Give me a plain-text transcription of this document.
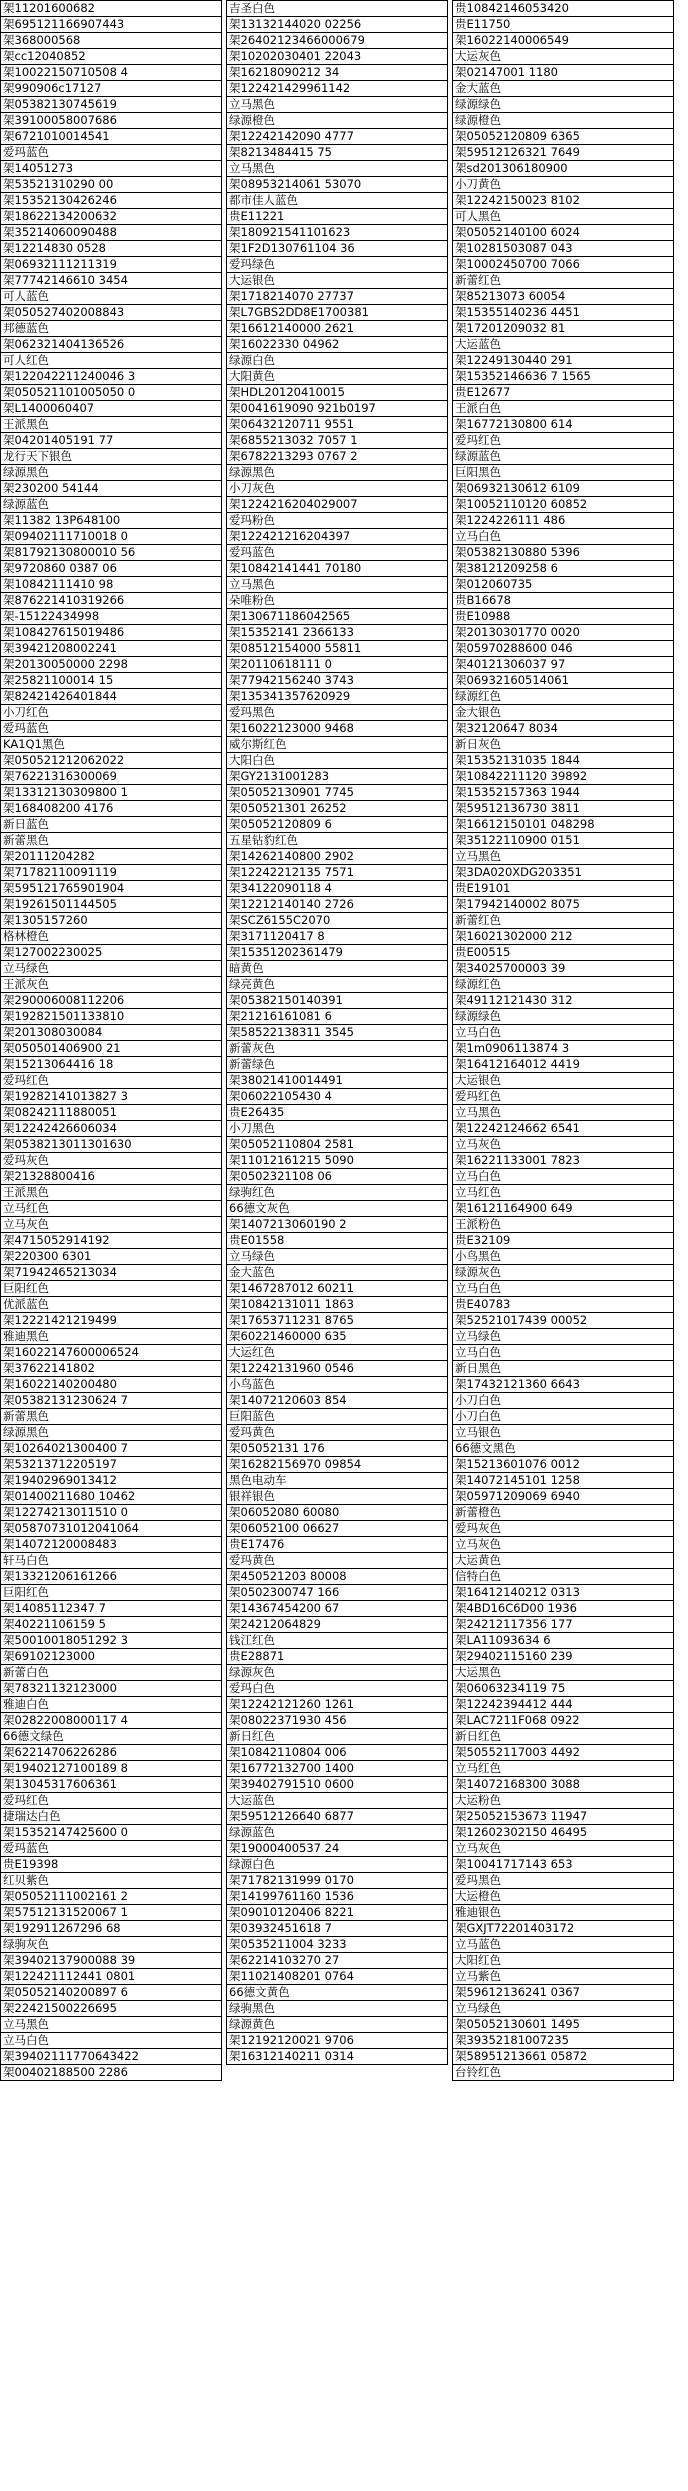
架11201600682
架695121166907443
架368000568
架cc12040852
架10022150710508 4
架990906c17127
架05382130745619
架39100058007686
架6721010014541
爱玛蓝色
架14051273
架53521310290 00
架15352130426246
架18622134200632
架35214060090488
架12214830 0528
架06932111211319
架77742146610 3454
可人蓝色
架050527402008843
邦德蓝色
架062321404136526
可人红色
架122042211240046 3
架050521101005050 0
架L1400060407
王派黑色
架04201405191 77
龙行天下银色
绿源黑色
架230200 54144
绿源蓝色
架11382 13P648100
架09402111710018 0
架81792130800010 56
架9720860 0387 06
架10842111410 98
架876221410319266
架-15122434998
架108427615019486
架39421208002241
架20130050000 2298
架25821100014 15
架82421426401844
小刀红色
爱玛蓝色
KA1Q1黑色
架050521212062022
架76221316300069
架13312130309800 1
架168408200 4176
新日蓝色
新蕾黑色
架20111204282
架71782110091119
架595121765901904
架19261501144505
架1305157260
格林橙色
架127002230025
立马绿色
王派灰色
架290006008112206
架192821501133810
架201308030084
架050501406900 21
架15213064416 18
爱玛红色
架19282141013827 3
架08242111880051
架12242426606034
架0538213011301630
爱玛灰色
架21328800416
王派黑色
立马红色
立马灰色
架4715052914192
架220300 6301
架71942465213034
巨阳红色
优派蓝色
架12221421219499
雅迪黑色
架16022147600006524
架37622141802
架16022140200480
架05382131230624 7
新蕾黑色
绿源黑色
架10264021300400 7
架53213712205197
架19402969013412
架01400211680 10462
架12274213011510 0
架05870731012041064
架14072120008483
轩马白色
架13321206161266
巨阳红色
架14085112347 7
架40221106159 5
架50010018051292 3
架69102123000
新蕾白色
架78321132123000
雅迪白色
架02822008000117 4
66德文绿色
架62214706226286
架19402127100189 8
架13045317606361
爱玛红色
捷瑞达白色
架15352147425600 0
爱玛蓝色
贵E19398
红贝紫色
架05052111002161 2
架57512131520067 1
架192911267296 68
绿驹灰色
架39402137900088 39
架122421112441 0801
架05052140200897 6
架22421500226695
立马黑色
立马白色
架39402111770643422
架00402188500 2286
吉圣白色
架13132144020 02256
架26402123466000679
架10202030401 22043
架16218090212 34
架122421429961142
立马黑色
绿源橙色
架12242142090 4777
架8213484415 75
立马黑色
架08953214061 53070
都市佳人蓝色
贵E11221
架180921541101623
架1F2D130761104 36
爱玛绿色
大运银色
架1718214070 27737
架L7GBS2DD8E1700381
架16612140000 2621
架16022330 04962
绿源白色
大阳黄色
架HDL20120410015
架0041619090 921b0197
架06432120711 9551
架6855213032 7057 1
架6782213293 0767 2
绿源黑色
小刀灰色
架1224216204029007
爱玛粉色
架122421216204397
爱玛蓝色
架10842141441 70180
立马黑色
朵唯粉色
架130671186042565
架15352141 2366133
架08512154000 55811
架20110618111 0
架77942156240 3743
架135341357620929
爱玛黑色
架16022123000 9468
威尔斯红色
大阳白色
架GY2131001283
架05052130901 7745
架050521301 26252
架05052120809 6
五星钻豹红色
架14262140800 2902
架12242212135 7571
架34122090118 4
架12212140140 2726
架SCZ6155C2070
架3171120417 8
架15351202361479
暗黄色
绿亮黄色
架05382150140391
架21216161081 6
架58522138311 3545
新蕾灰色
新蕾绿色
架38021410014491
架06022105430 4
贵E26435
小刀黑色
架05052110804 2581
架11012161215 5090
架0502321108 06
绿驹红色
66德文灰色
架1407213060190 2
贵E01558
立马绿色
金大蓝色
架1467287012 60211
架10842131011 1863
架17653711231 8765
架60221460000 635
大运红色
架12242131960 0546
小鸟蓝色
架14072120603 854
巨阳蓝色
爱玛黄色
架05052131 176
架16282156970 09854
黑色电动车
银祥银色
架06052080 60080
架06052100 06627
贵E17476
爱玛黄色
架450521203 80008
架0502300747 166
架14367454200 67
架24212064829
钱江红色
贵E28871
绿源灰色
爱玛白色
架12242121260 1261
架08022371930 456
新日红色
架10842110804 006
架16772132700 1400
架39402791510 0600
大运蓝色
架59512126640 6877
绿源蓝色
架19000400537 24
绿源白色
架71782131999 0170
架14199761160 1536
架09010120406 8221
架03932451618 7
架0535211004 3233
架62214103270 27
架11021408201 0764
66德文黄色
绿驹黑色
绿源黄色
架12192120021 9706
架16312140211 0314
贵10842146053420
贵E11750
架16022140006549
大运灰色
架02147001 1180
金大蓝色
绿源绿色
绿源橙色
架05052120809 6365
架59512126321 7649
架sd201306180900
小刀黄色
架12242150023 8102
可人黑色
架05052140100 6024
架10281503087 043
架10002450700 7066
新蕾红色
架85213073 60054
架15355140236 4451
架17201209032 81
大运蓝色
架12249130440 291
架15352146636 7 1565
贵E12677
王派白色
架16772130800 614
爱玛红色
绿源蓝色
巨阳黑色
架06932130612 6109
架10052110120 60852
架1224226111 486
立马白色
架05382130880 5396
架38121209258 6
架012060735
贵B16678
贵E10988
架20130301770 0020
架05970288600 046
架40121306037 97
架06932160514061
绿源红色
金大银色
架32120647 8034
新日灰色
架15352131035 1844
架10842211120 39892
架15352157363 1944
架59512136730 3811
架16612150101 048298
架35122110900 0151
立马黑色
架3DA020XDG203351
贵E19101
架17942140002 8075
新蕾红色
架16021302000 212
贵E00515
架34025700003 39
绿源红色
架49112121430 312
绿源绿色
立马白色
架1m0906113874 3
架16412164012 4419
大运银色
爱玛红色
立马黑色
架12242124662 6541
立马灰色
架16221133001 7823
立马白色
立马红色
架16121164900 649
王派粉色
贵E32109
小鸟黑色
绿源灰色
立马白色
贵E40783
架52521017439 00052
立马绿色
立马白色
新日黑色
架17432121360 6643
小刀白色
小刀白色
立马银色
66德文黑色
架15213601076 0012
架14072145101 1258
架05971209069 6940
新蕾橙色
爱玛灰色
立马灰色
大运黄色
信特白色
架16412140212 0313
架4BD16C6D00 1936
架24212117356 177
架LA11093634 6
架29402115160 239
大运黑色
架06063234119 75
架12242394412 444
架LAC7211F068 0922
新日红色
架50552117003 4492
立马红色
架14072168300 3088
大运粉色
架25052153673 11947
架12602302150 46495
立马灰色
架10041717143 653
爱玛黑色
大运橙色
雅迪银色
架GXJT72201403172
立马蓝色
大阳红色
立马紫色
架59612136241 0367
立马绿色
架05052130601 1495
架39352181007235
架58951213661 05872
台铃红色
